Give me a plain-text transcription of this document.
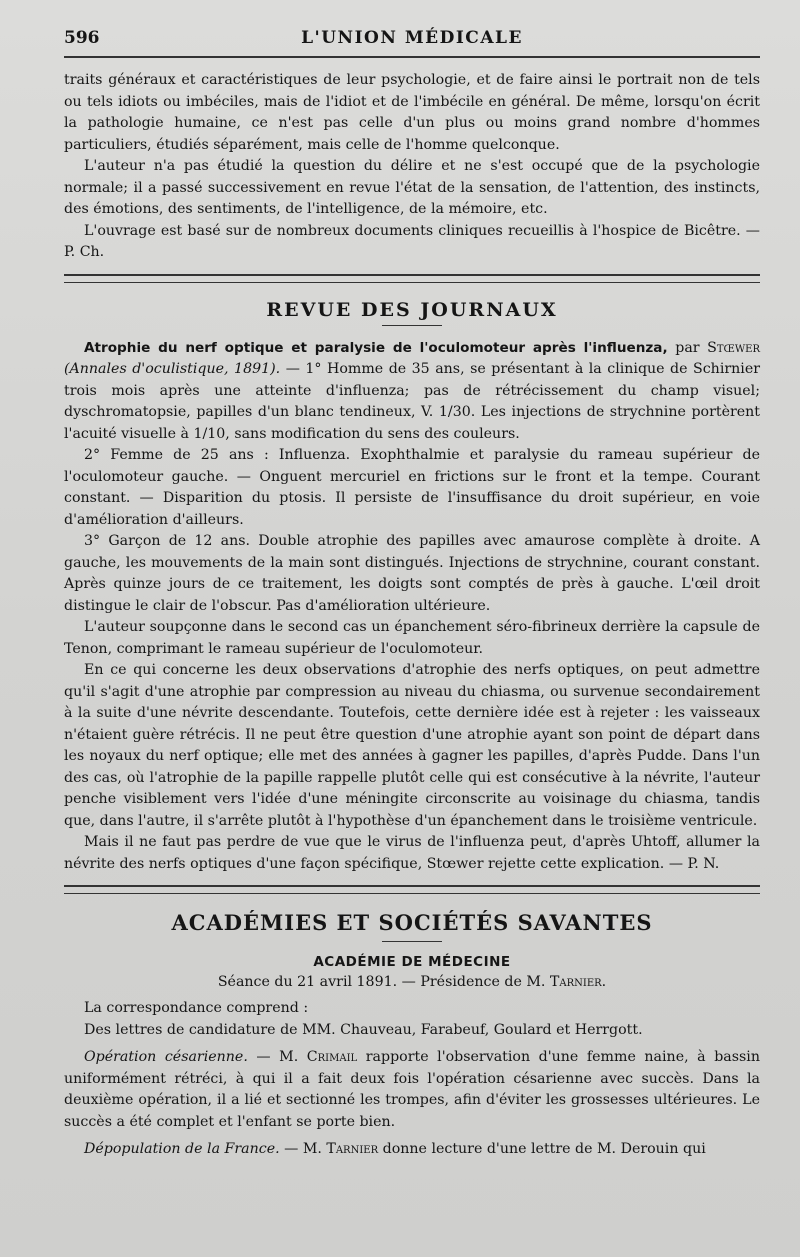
596	L'UNION MÉDICALE

traits généraux et caractéristiques de leur psychologie, et de faire ainsi le portrait non de tels ou tels idiots ou imbéciles, mais de l'idiot et de l'imbécile en général. De même, lorsqu'on écrit la pathologie humaine, ce n'est pas celle d'un plus ou moins grand nombre d'hommes particuliers, étudiés séparément, mais celle de l'homme quelconque.

L'auteur n'a pas étudié la question du délire et ne s'est occupé que de la psychologie normale; il a passé successivement en revue l'état de la sensation, de l'attention, des instincts, des émotions, des sentiments, de l'intelligence, de la mémoire, etc.

L'ouvrage est basé sur de nombreux documents cliniques recueillis à l'hospice de Bicêtre. — P. Ch.

REVUE DES JOURNAUX

Atrophie du nerf optique et paralysie de l'oculomoteur après l'influenza, par Stœwer (Annales d'oculistique, 1891). — 1° Homme de 35 ans, se présentant à la clinique de Schirnier trois mois après une atteinte d'influenza; pas de rétrécissement du champ visuel; dyschromatopsie, papilles d'un blanc tendineux, V. 1/30. Les injections de strychnine portèrent l'acuité visuelle à 1/10, sans modification du sens des couleurs.

2° Femme de 25 ans : Influenza. Exophthalmie et paralysie du rameau supérieur de l'oculomoteur gauche. — Onguent mercuriel en frictions sur le front et la tempe. Courant constant. — Disparition du ptosis. Il persiste de l'insuffisance du droit supérieur, en voie d'amélioration d'ailleurs.

3° Garçon de 12 ans. Double atrophie des papilles avec amaurose complète à droite. A gauche, les mouvements de la main sont distingués. Injections de strychnine, courant constant. Après quinze jours de ce traitement, les doigts sont comptés de près à gauche. L'œil droit distingue le clair de l'obscur. Pas d'amélioration ultérieure.

L'auteur soupçonne dans le second cas un épanchement séro-fibrineux derrière la capsule de Tenon, comprimant le rameau supérieur de l'oculomoteur.

En ce qui concerne les deux observations d'atrophie des nerfs optiques, on peut admettre qu'il s'agit d'une atrophie par compression au niveau du chiasma, ou survenue secondairement à la suite d'une névrite descendante. Toutefois, cette dernière idée est à rejeter : les vaisseaux n'étaient guère rétrécis. Il ne peut être question d'une atrophie ayant son point de départ dans les noyaux du nerf optique; elle met des années à gagner les papilles, d'après Pudde. Dans l'un des cas, où l'atrophie de la papille rappelle plutôt celle qui est consécutive à la névrite, l'auteur penche visiblement vers l'idée d'une méningite circonscrite au voisinage du chiasma, tandis que, dans l'autre, il s'arrête plutôt à l'hypothèse d'un épanchement dans le troisième ventricule.

Mais il ne faut pas perdre de vue que le virus de l'influenza peut, d'après Uhtoff, allumer la névrite des nerfs optiques d'une façon spécifique, Stœwer rejette cette explication. — P. N.

ACADÉMIES ET SOCIÉTÉS SAVANTES
ACADÉMIE DE MÉDECINE
Séance du 21 avril 1891. — Présidence de M. Tarnier.

La correspondance comprend :

Des lettres de candidature de MM. Chauveau, Farabeuf, Goulard et Herrgott.

Opération césarienne. — M. Crimail rapporte l'observation d'une femme naine, à bassin uniformément rétréci, à qui il a fait deux fois l'opération césarienne avec succès. Dans la deuxième opération, il a lié et sectionné les trompes, afin d'éviter les grossesses ultérieures. Le succès a été complet et l'enfant se porte bien.

Dépopulation de la France. — M. Tarnier donne lecture d'une lettre de M. Derouin qui
